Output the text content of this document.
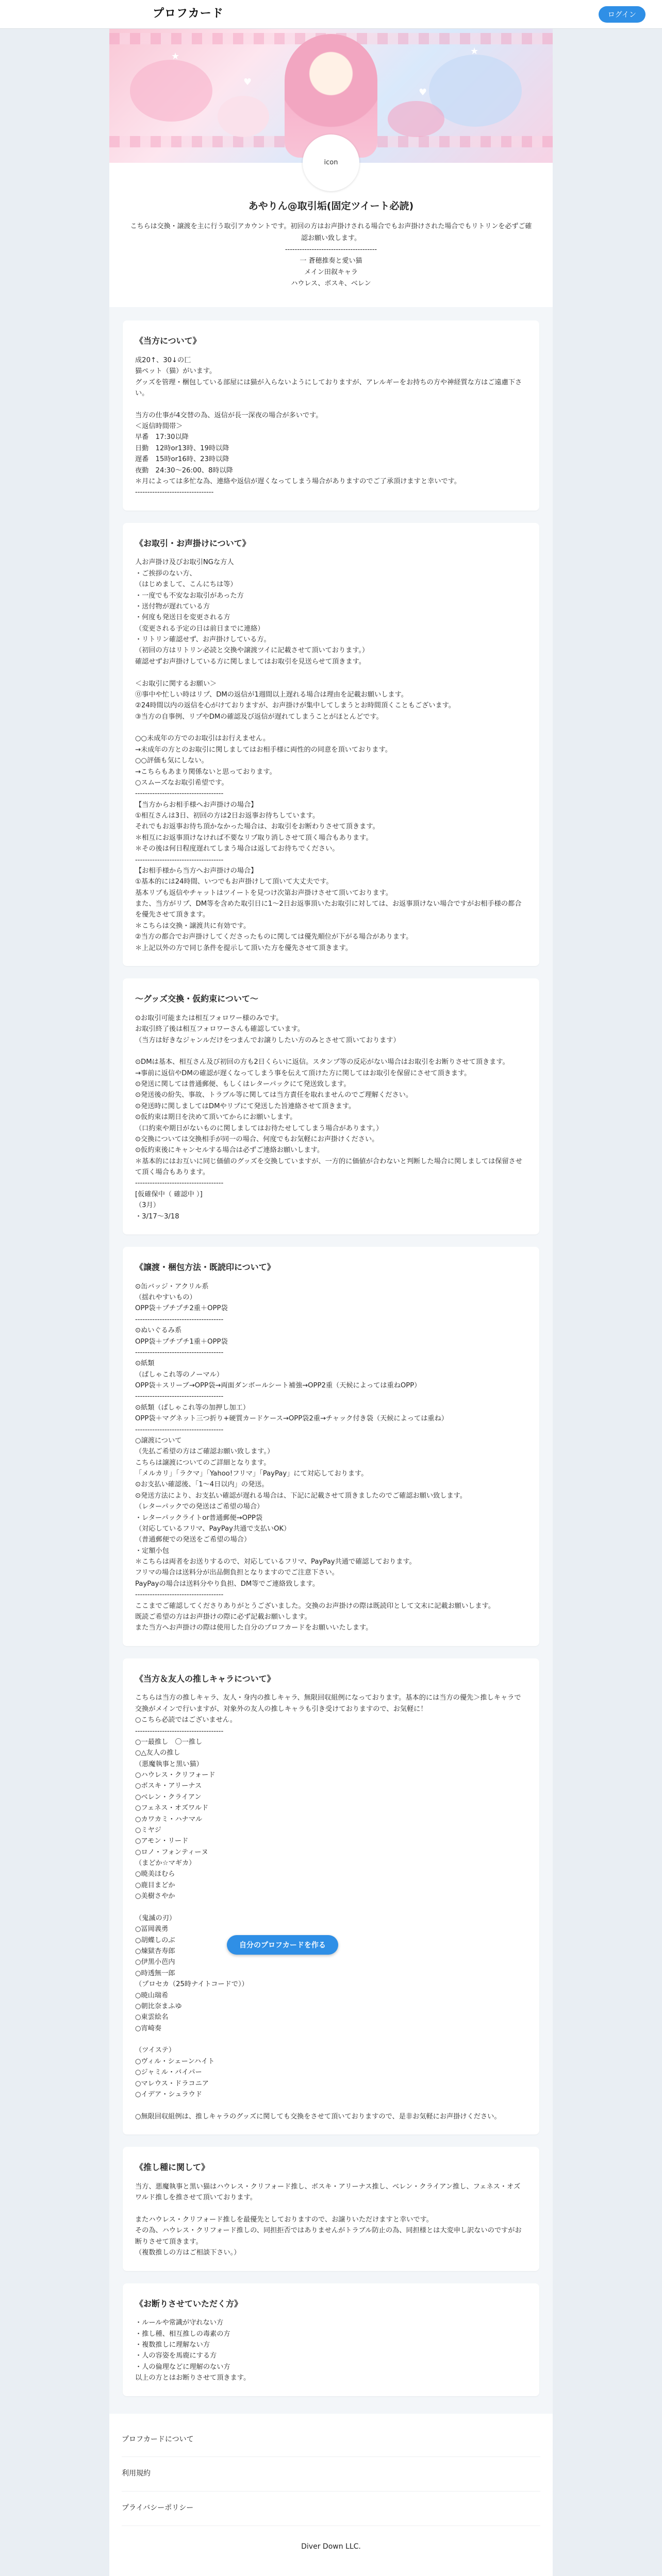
プロフカード	ログイン
★	★
♥
♥
icon
あやりん@取引垢(固定ツイート必読)

こちらは交換・譲渡を主に行う取引アカウントです。初回の方はお声掛けされる場合でもお声掛けされた場合でもリトリンを必ずご確認お願い致します。
‐‐‐‐‐‐‐‐‐‐‐‐‐‐‐‐‐‐‐‐‐‐‐‐‐‐‐‐‐‐‐‐‐‐‐‐‐‐
一 蒼穂推奏と愛い猫
メイン田叙キャラ
ハウレス、ボスキ、ベレン

《当方について》
成20↑、30↓の匚
猫ペット（猫）がいます。
グッズを管理・梱包している部屋には猫が入らないようにしておりますが、アレルギーをお持ちの方や神経質な方はご遠慮下さい。

当方の仕事が4交替の為、返信が長一深夜の場合が多いです。
＜返信時間帯＞
早番　17:30以降
日勤　12時or13時、19時以降
遅番　15時or16時、23時以降
夜勤　24:30〜26:00、8時以降
＊月によっては多忙な為、連絡や返信が遅くなってしまう場合がありますのでご了承頂けますと幸いです。
‐‐‐‐‐‐‐‐‐‐‐‐‐‐‐‐‐‐‐‐‐‐‐‐‐‐‐‐‐‐‐‐
《お取引・お声掛けについて》
人お声掛け及びお取引NGな方人
・ご挨拶のない方、
（はじめまして、こんにちは等）
・一度でも不安なお取引があった方
・送付物が遅れている方
・何度も発送日を変更される方
（変更される予定の日は前日までに連絡）
・リトリン確認せず、お声掛けしている方。
（初回の方はリトリン必読と交換や譲渡ツイに記載させて頂いております。）
確認せずお声掛けしている方に関しましてはお取引を見送らせて頂きます。

＜お取引に関するお願い＞
⓪事中や忙しい時はリプ、DMの返信が1週間以上遅れる場合は理由を記載お願いします。
②24時間以内の返信を心がけておりますが、お声掛けが集中してしまうとお時間頂くこともございます。
③当方の自事例、リプやDMの確認及び返信が遅れてしまうことがほとんどです。

○○未成年の方でのお取引はお行えません。
→未成年の方とのお取引に関しましてはお相手様に両性的の同意を頂いております。
○○評価も気にしない。
→こちらもあまり関係ないと思っております。
○スムーズなお取引希望です。
‐‐‐‐‐‐‐‐‐‐‐‐‐‐‐‐‐‐‐‐‐‐‐‐‐‐‐‐‐‐‐‐‐‐‐‐
【当方からお相手様へお声掛けの場合】
①相互さんは3日、初回の方は2日お返事お待ちしています。
それでもお返事お待ち頂かなかった場合は、お取引をお断わりさせて頂きます。
＊相互にお返事頂けなければ不要なリプ取り消しさせて頂く場合もあります。
＊その後は何日程度遅れてしまう場合は返してお待ちでください。
‐‐‐‐‐‐‐‐‐‐‐‐‐‐‐‐‐‐‐‐‐‐‐‐‐‐‐‐‐‐‐‐‐‐‐‐
【お相手様から当方へお声掛けの場合】
①基本的には24時間、いつでもお声掛けして頂いて大丈夫です。
基本リプも返信やチャットはツイートを見つけ次第お声掛けさせて頂いております。
また、当方がリプ、DM等を含めた取引日に1〜2日お返事頂いたお取引に対しては、お返事頂けない場合ですがお相手様の都合を優先させて頂きます。
＊こちらは交換・譲渡共に有効です。
②当方の都合でお声掛けしてくださったものに関しては優先順位が下がる場合があります。
＊上記以外の方で同じ条件を提示して頂いた方を優先させて頂きます。
〜グッズ交換・仮約束について〜
⊙お取引可能または相互フォロワー様のみです。
お取引終了後は相互フォロワーさんも確認しています。
（当方は好きなジャンルだけをつまんでお譲りしたい方のみとさせて頂いております）

⊙DMは基本、相互さん及び初回の方も2日くらいに返信。スタンプ等の反応がない場合はお取引をお断りさせて頂きます。
→事前に返信やDMの確認が遅くなってしまう事を伝えて頂けた方に関してはお取引を保留にさせて頂きます。
⊙発送に関しては普通郵便、もしくはレターパックにて発送致します。
⊙発送後の紛失、事故、トラブル等に関しては当方責任を取れませんのでご理解ください。
⊙発送時に関しましてはDMやリプにて発送した旨連絡させて頂きます。
⊙仮約束は期日を決めて頂いてからにお願いします。
（口約束や期日がないものに関しましてはお待たせしてしまう場合があります。）
⊙交換については交換相手が同一の場合、何度でもお気軽にお声掛けください。
⊙仮約束後にキャンセルする場合は必ずご連絡お願いします。
＊基本的にはお互いに同じ価値のグッズを交換していますが、一方的に価値が合わないと判断した場合に関しましては保留させて頂く場合もあります。
‐‐‐‐‐‐‐‐‐‐‐‐‐‐‐‐‐‐‐‐‐‐‐‐‐‐‐‐‐‐‐‐‐‐‐‐
[仮確保中（ 確認中 ）]
（3月）
・3/17〜3/18
《譲渡・梱包方法・既読印について》
⊙缶バッジ・アクリル系
（揺れやすいもの）
OPP袋＋プチプチ2重＋OPP袋
‐‐‐‐‐‐‐‐‐‐‐‐‐‐‐‐‐‐‐‐‐‐‐‐‐‐‐‐‐‐‐‐‐‐‐‐
⊙ぬいぐるみ系
OPP袋＋プチプチ1重＋OPP袋
‐‐‐‐‐‐‐‐‐‐‐‐‐‐‐‐‐‐‐‐‐‐‐‐‐‐‐‐‐‐‐‐‐‐‐‐
⊙紙類
（ぱしゃこれ等のノーマル）
OPP袋＋スリーブ→OPP袋→両面ダンボールシート補強→OPP2重（天候によっては重ねOPP）
‐‐‐‐‐‐‐‐‐‐‐‐‐‐‐‐‐‐‐‐‐‐‐‐‐‐‐‐‐‐‐‐‐‐‐‐
⊙紙類（ぱしゃこれ等の加押し加工）
OPP袋＋マグネット三つ折り+硬質カードケース→OPP袋2重→チャック付き袋（天候によっては重ね）
‐‐‐‐‐‐‐‐‐‐‐‐‐‐‐‐‐‐‐‐‐‐‐‐‐‐‐‐‐‐‐‐‐‐‐‐
○譲渡について
（先払ご希望の方はご確認お願い致します。）
こちらは譲渡についてのご詳細となります。
「メルカリ」「ラクマ」「Yahoo!フリマ」「PayPay」にて対応しております。
⊙お支払い確認後、「1〜4日以内」の発送。
⊙発送方法により、お支払い確認が遅れる場合は、下記に記載させて頂きましたのでご確認お願い致します。
（レターパックでの発送はご希望の場合）
・レターパックライトor普通郵便→OPP袋
（対応しているフリマ、PayPay共通で支払いOK）
（普通郵便での発送をご希望の場合）
・定額小包
＊こちらは両者をお送りするので、対応しているフリマ、PayPay共通で確認しております。
フリマの場合は送料分が出品側負担となりますのでご注意下さい。
PayPayの場合は送料分やり負担、DM等でご連絡致します。
‐‐‐‐‐‐‐‐‐‐‐‐‐‐‐‐‐‐‐‐‐‐‐‐‐‐‐‐‐‐‐‐‐‐‐‐
ここまでご確認してくださりありがとうございました。交換のお声掛けの際は既読印として文末に記載お願いします。
既読ご希望の方はお声掛けの際に必ず記載お願いします。
また当方へお声掛けの際は使用した自分のプロフカードをお願いいたします。
《当方＆友人の推しキャラについて》
こちらは当方の推しキャラ、友人・身内の推しキャラ、無限回収組例になっております。基本的には当方の優先＞推しキャラで交換がメインで行いますが、対象外の友人の推しキャラも引き受けておりますので、お気軽に！
○こちら必読ではございません。
‐‐‐‐‐‐‐‐‐‐‐‐‐‐‐‐‐‐‐‐‐‐‐‐‐‐‐‐‐‐‐‐‐‐‐‐
○一最推し　〇一推し
○△友人の推し
（悪魔執事と黒い猫）
○ハウレス・クリフォード
○ボスキ・アリーナス
○ベレン・クライアン
○フェネス・オズワルド
○カワカミ・ハナマル
○ミヤジ
○アモン・リード
○ロノ・フォンティーヌ
（まどか☆マギカ）
○暁美ほむら
○鹿目まどか
○美樹さやか

（鬼滅の刃）
○冨岡義勇
○胡蝶しのぶ
○煉獄杏寿郎
○伊黒小芭内
○時透無一郎
（プロセカ（25時ナイトコードで））
○暁山瑞希
○朝比奈まふゆ
○東雲絵名
○宵崎奏

（ツイステ）
○ヴィル・シェーンハイト
○ジャミル・バイパー
○マレウス・ドラコニア
○イデア・シュラウド

○無限回収組例は、推しキャラのグッズに関しても交換をさせて頂いておりますので、是非お気軽にお声掛けください。
《推し種に関して》
当方、悪魔執事と黒い猫はハウレス・クリフォード推し、ボスキ・アリーナス推し、ベレン・クライアン推し、フェネス・オズワルド推しを推させて頂いております。

またハウレス・クリフォード推しを最優先としておりますので、お譲りいただけますと幸いです。
その為、ハウレス・クリフォード推しの、同担拒否ではありませんがトラブル防止の為、同担様とは大変申し訳ないのですがお断りさせて頂きます。
（複数推しの方はご相談下さい。）
《お断りさせていただく方》
・ルールや常識が守れない方
・推し種、相互推しの毒素の方
・複数推しに理解ない方
・人の容姿を馬鹿にする方
・人の倫理などに理解のない方
以上の方とはお断りさせて頂きます。
自分のプロフカードを作る
プロフカードについて
利用規約
プライバシーポリシー
Diver Down LLC.
